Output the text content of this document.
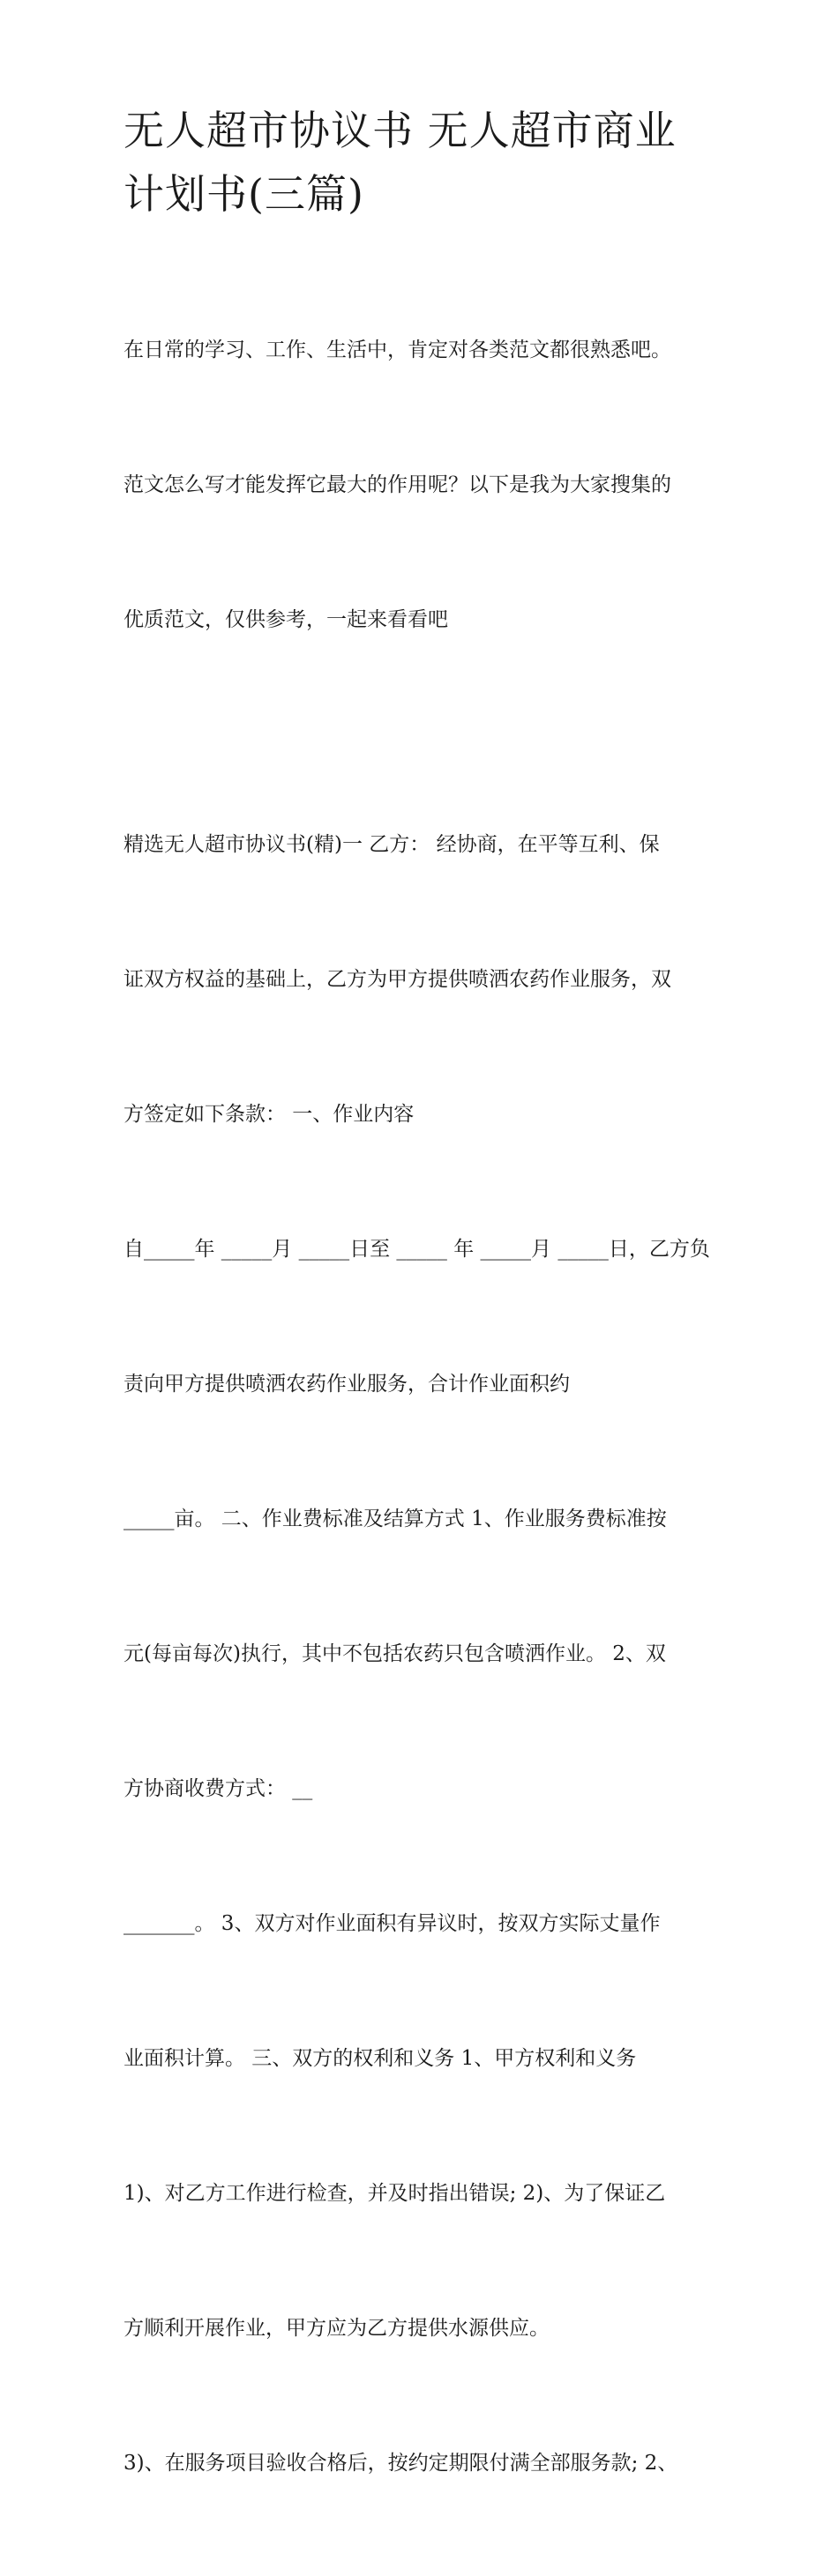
无人超市协议书 无人超市商业
计划书(三篇)

在日常的学习、工作、生活中，肯定对各类范文都很熟悉吧。

范文怎么写才能发挥它最大的作用呢？以下是我为大家搜集的

优质范文，仅供参考，一起来看看吧

精选无人超市协议书(精)一 乙方： 经协商，在平等互利、保

证双方权益的基础上，乙方为甲方提供喷洒农药作业服务，双

方签定如下条款： 一、作业内容

自_____年 _____月 _____日至 _____ 年 _____月 _____日，乙方负

责向甲方提供喷洒农药作业服务，合计作业面积约

_____亩。 二、作业费标准及结算方式 1、作业服务费标准按

元(每亩每次)执行，其中不包括农药只包含喷洒作业。 2、双

方协商收费方式： __

_______。 3、双方对作业面积有异议时，按双方实际丈量作

业面积计算。 三、双方的权利和义务 1、甲方权利和义务

1)、对乙方工作进行检查，并及时指出错误; 2)、为了保证乙

方顺利开展作业，甲方应为乙方提供水源供应。

3)、在服务项目验收合格后，按约定期限付满全部服务款; 2、
